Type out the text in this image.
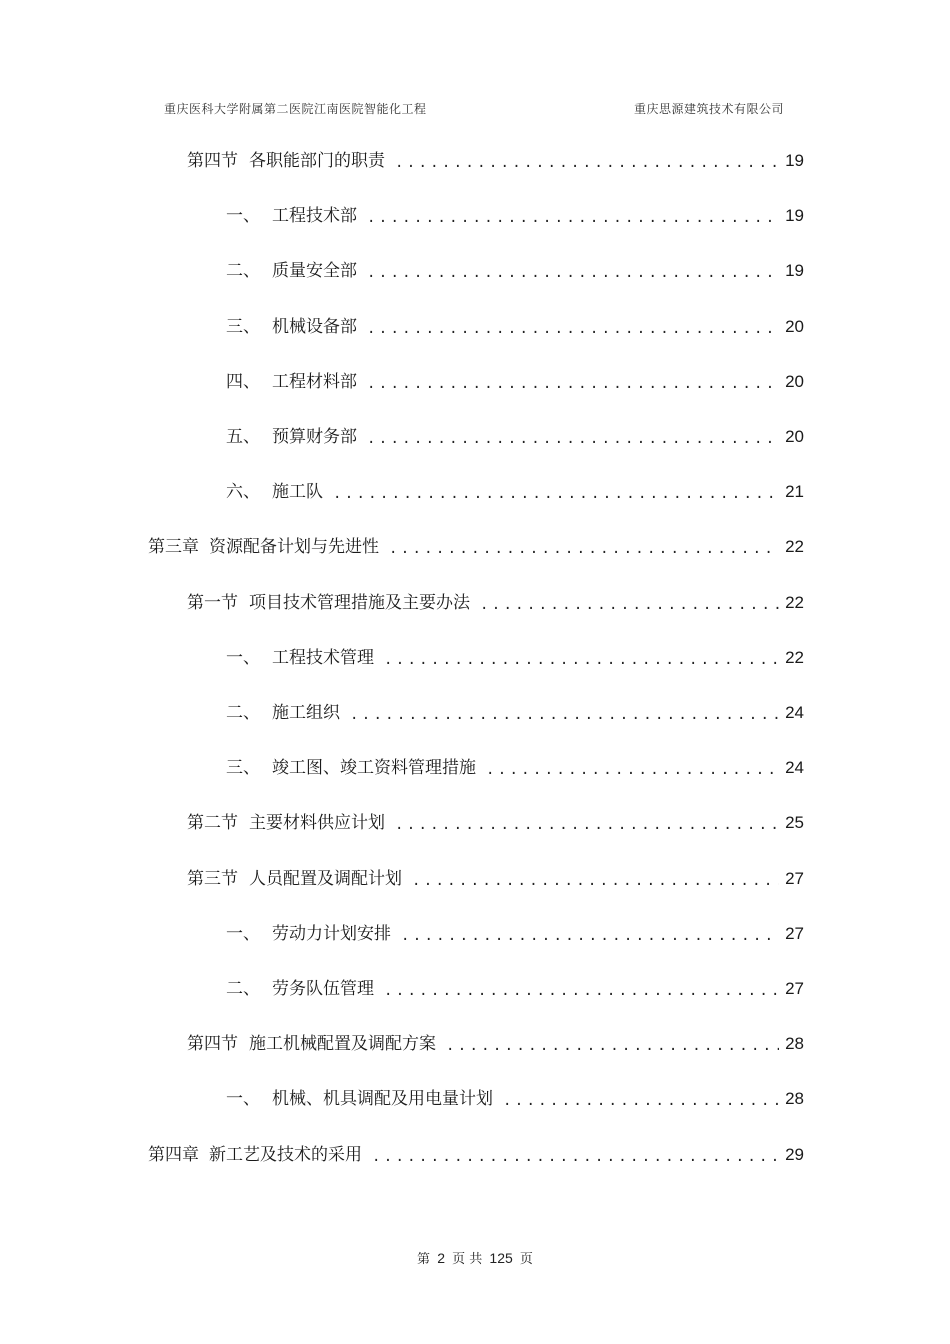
重庆医科大学附属第二医院江南医院智能化工程	重庆思源建筑技术有限公司
第四节 各职能部门的职责 .....	19
一、 工程技术部 .....	19
二、 质量安全部 .....	19
三、 机械设备部 .....	20
四、 工程材料部 .....	20
五、 预算财务部 .....	20
六、 施工队 .....	21
第三章 资源配备计划与先进性 .....	22
第一节 项目技术管理措施及主要办法 .....	22
一、 工程技术管理 .....	22
二、 施工组织 .....	24
三、 竣工图、竣工资料管理措施 .....	24
第二节 主要材料供应计划 .....	25
第三节 人员配置及调配计划 .....	27
一、 劳动力计划安排 .....	27
二、 劳务队伍管理 .....	27
第四节 施工机械配置及调配方案 .....	28
一、 机械、机具调配及用电量计划 .....	28
第四章 新工艺及技术的采用 .....	29
第 2 页 共 125 页
